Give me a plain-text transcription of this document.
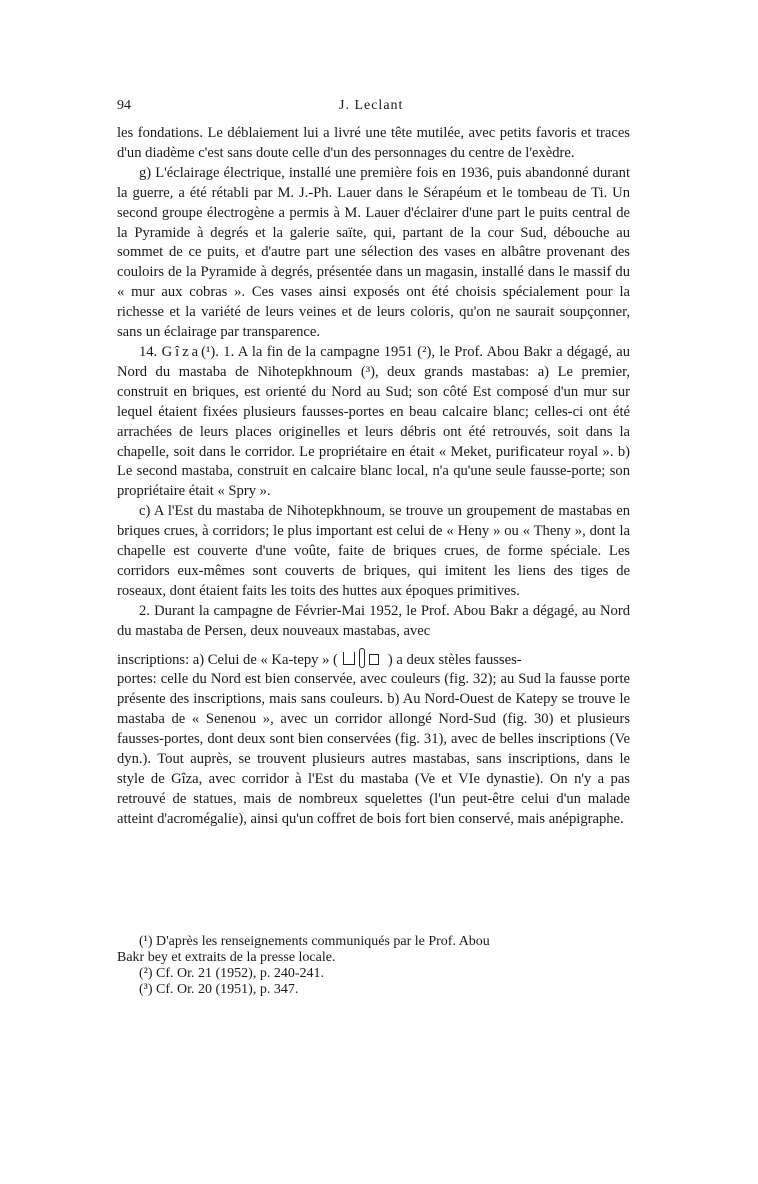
94	J. Leclant

les fondations. Le déblaiement lui a livré une tête mutilée, avec petits favoris et traces d'un diadème c'est sans doute celle d'un des personnages du centre de l'exèdre.

g) L'éclairage électrique, installé une première fois en 1936, puis abandonné durant la guerre, a été rétabli par M. J.-Ph. Lauer dans le Sérapéum et le tombeau de Ti. Un second groupe électrogène a permis à M. Lauer d'éclairer d'une part le puits central de la Pyramide à degrés et la galerie saïte, qui, partant de la cour Sud, débouche au sommet de ce puits, et d'autre part une sélection des vases en albâtre provenant des couloirs de la Pyramide à degrés, présentée dans un magasin, installé dans le massif du « mur aux cobras ». Ces vases ainsi exposés ont été choisis spécialement pour la richesse et la variété de leurs veines et de leurs coloris, qu'on ne saurait soupçonner, sans un éclairage par transparence.

14. Gîza(¹). 1. A la fin de la campagne 1951 (²), le Prof. Abou Bakr a dégagé, au Nord du mastaba de Nihotepkhnoum (³), deux grands mastabas: a) Le premier, construit en briques, est orienté du Nord au Sud; son côté Est composé d'un mur sur lequel étaient fixées plusieurs fausses-portes en beau calcaire blanc; celles-ci ont été arrachées de leurs places originelles et leurs débris ont été retrouvés, soit dans la chapelle, soit dans le corridor. Le propriétaire en était « Meket, purificateur royal ». b) Le second mastaba, construit en calcaire blanc local, n'a qu'une seule fausse-porte; son propriétaire était « Spry ».

c) A l'Est du mastaba de Nihotepkhnoum, se trouve un groupement de mastabas en briques crues, à corridors; le plus important est celui de « Heny » ou « Theny », dont la chapelle est couverte d'une voûte, faite de briques crues, de forme spéciale. Les corridors eux-mêmes sont couverts de briques, qui imitent les liens des tiges de roseaux, dont étaient faits les toits des huttes aux époques primitives.

2. Durant la campagne de Février-Mai 1952, le Prof. Abou Bakr a dégagé, au Nord du mastaba de Persen, deux nouveaux mastabas, avec

inscriptions: a) Celui de « Ka-tepy » (	) a deux stèles fausses-

portes: celle du Nord est bien conservée, avec couleurs (fig. 32); au Sud la fausse porte présente des inscriptions, mais sans couleurs. b) Au Nord-Ouest de Katepy se trouve le mastaba de « Senenou », avec un corridor allongé Nord-Sud (fig. 30) et plusieurs fausses-portes, dont deux sont bien conservées (fig. 31), avec de belles inscriptions (Ve dyn.). Tout auprès, se trouvent plusieurs autres mastabas, sans inscriptions, dans le style de Gîza, avec corridor à l'Est du mastaba (Ve et VIe dynastie). On n'y a pas retrouvé de statues, mais de nombreux squelettes (l'un peut-être celui d'un malade atteint d'acromégalie), ainsi qu'un coffret de bois fort bien conservé, mais anépigraphe.

(¹) D'après les renseignements communiqués par le Prof. Abou

Bakr bey et extraits de la presse locale.

(²) Cf. Or. 21 (1952), p. 240-241.

(³) Cf. Or. 20 (1951), p. 347.
